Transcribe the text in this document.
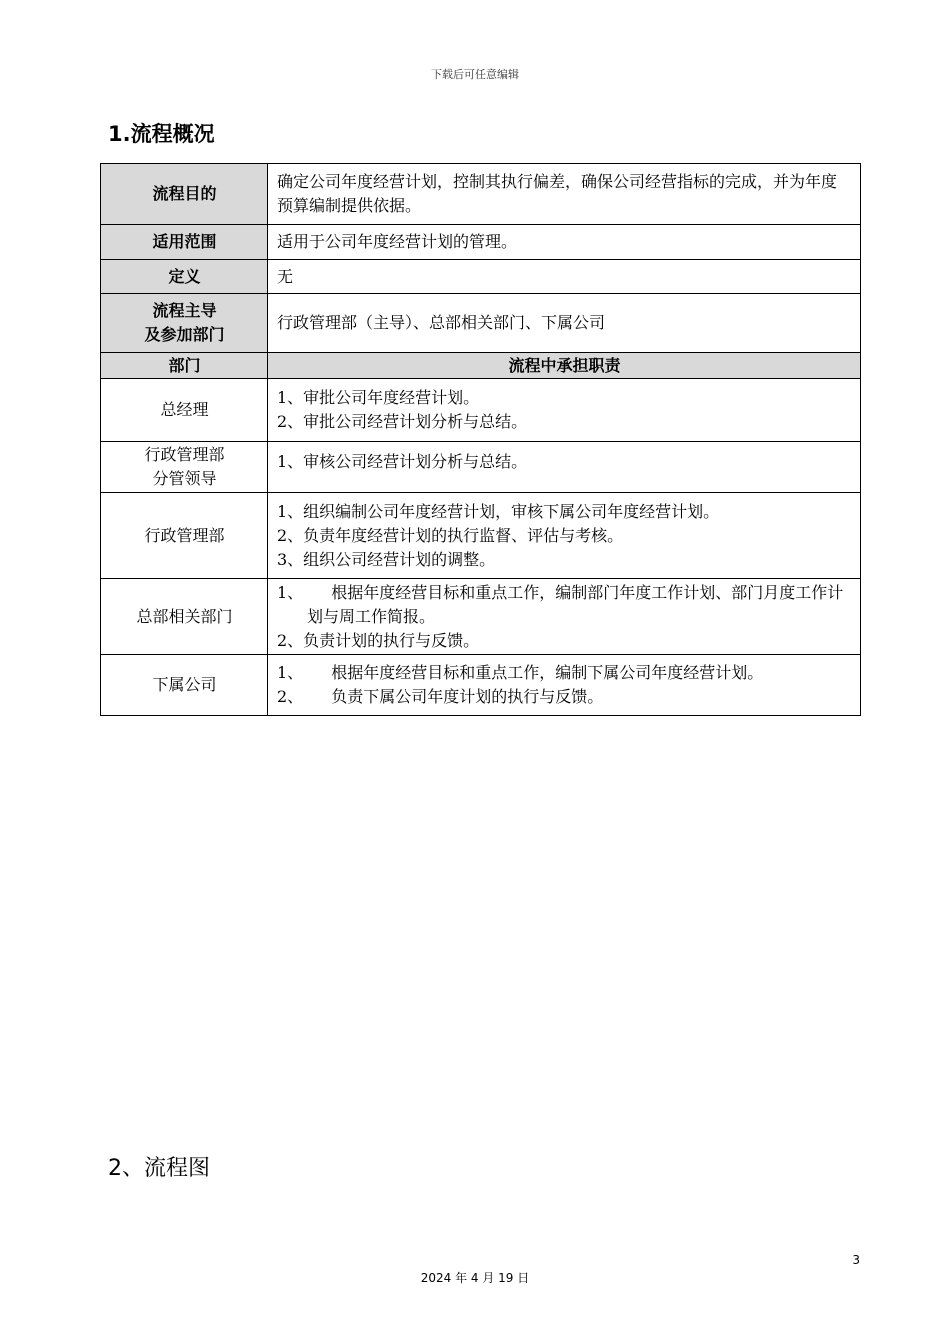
下载后可任意编辑
1.流程概况
流程目的	确定公司年度经营计划，控制其执行偏差，确保公司经营指标的完成，并为年度预算编制提供依据。
适用范围	适用于公司年度经营计划的管理。
定义	无

流程主导
及参加部门	行政管理部（主导）、总部相关部门、下属公司
部门	流程中承担职责
总经理	1、审批公司年度经营计划。
2、审批公司经营计划分析与总结。

行政管理部
分管领导	1、审核公司经营计划分析与总结。

行政管理部	1、组织编制公司年度经营计划，审核下属公司年度经营计划。
2、负责年度经营计划的执行监督、评估与考核。
3、组织公司经营计划的调整。

总部相关部门	1、 根据年度经营目标和重点工作，编制部门年度工作计划、部门月度工作计划与周工作简报。
2、负责计划的执行与反馈。

下属公司	1、 根据年度经营目标和重点工作，编制下属公司年度经营计划。
2、 负责下属公司年度计划的执行与反馈。
2、流程图
3
2024 年 4 月 19 日
